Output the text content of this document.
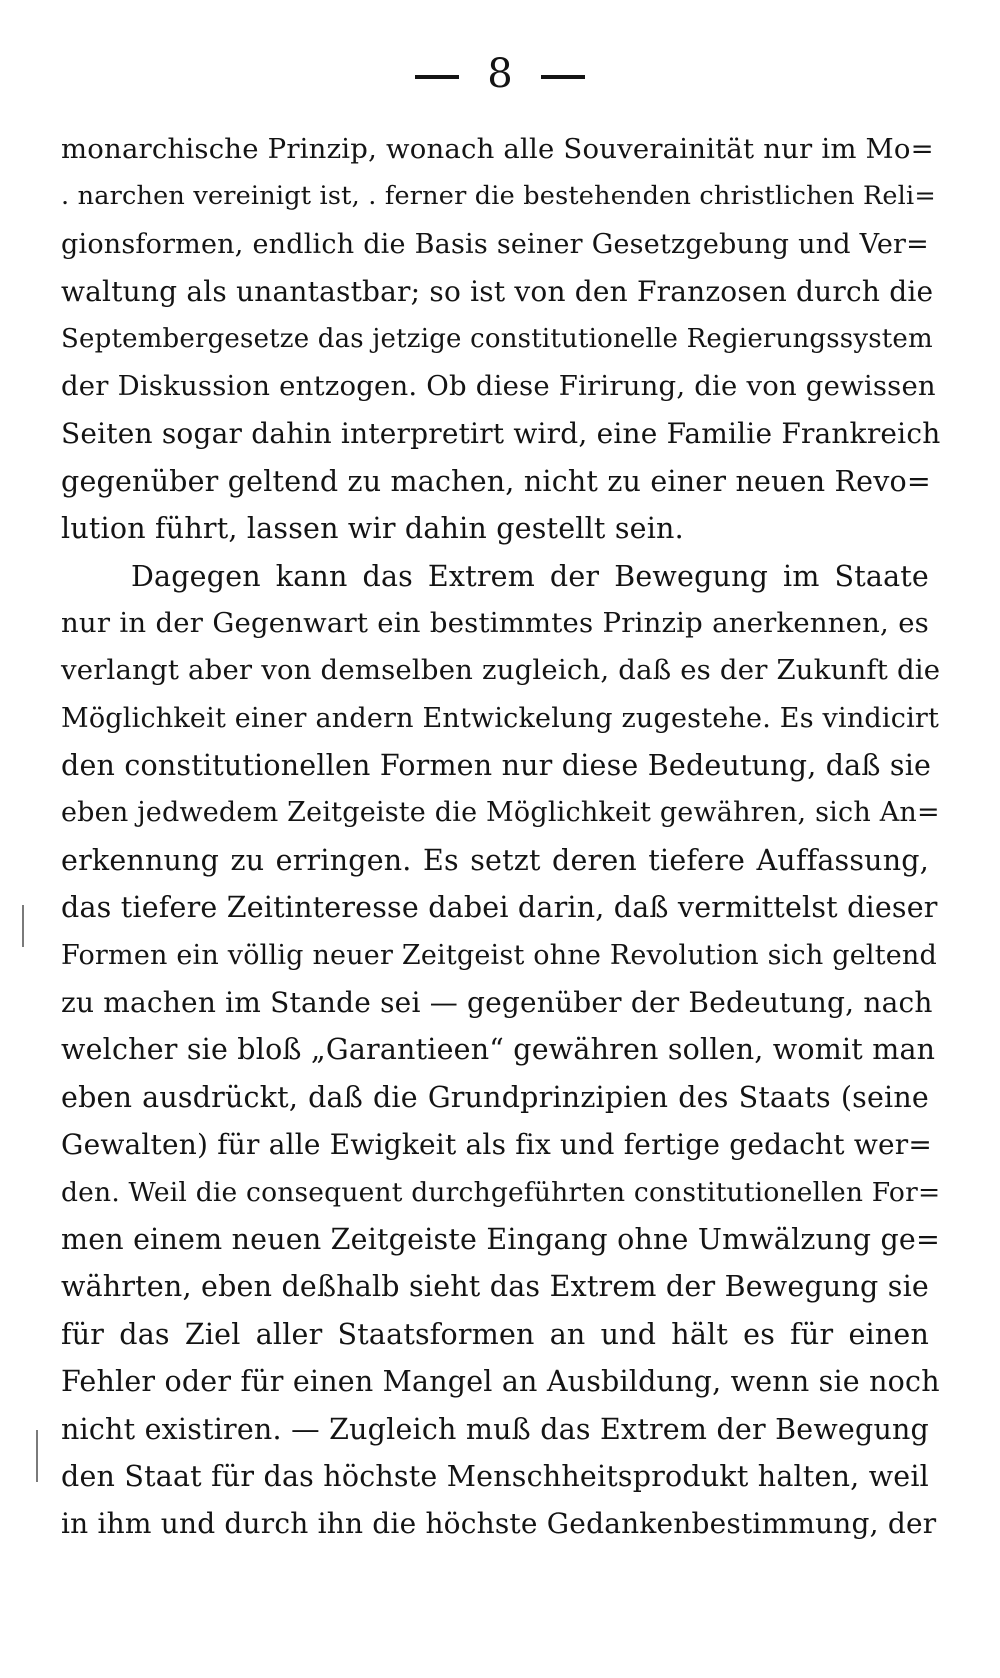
8
monarchische Prinzip, wonach alle Souverainität nur im Mo=
. narchen vereinigt ist, . ferner die bestehenden christlichen Reli=
gionsformen, endlich die Basis seiner Gesetzgebung und Ver=
waltung als unantastbar; so ist von den Franzosen durch die
Septembergesetze das jetzige constitutionelle Regierungssystem
der Diskussion entzogen. Ob diese Firirung, die von gewissen
Seiten sogar dahin interpretirt wird, eine Familie Frankreich
gegenüber geltend zu machen, nicht zu einer neuen Revo=
lution führt, lassen wir dahin gestellt sein.
Dagegen kann das Extrem der Bewegung im Staate
nur in der Gegenwart ein bestimmtes Prinzip anerkennen, es
verlangt aber von demselben zugleich, daß es der Zukunft die
Möglichkeit einer andern Entwickelung zugestehe. Es vindicirt
den constitutionellen Formen nur diese Bedeutung, daß sie
eben jedwedem Zeitgeiste die Möglichkeit gewähren, sich An=
erkennung zu erringen. Es setzt deren tiefere Auffassung,
das tiefere Zeitinteresse dabei darin, daß vermittelst dieser
Formen ein völlig neuer Zeitgeist ohne Revolution sich geltend
zu machen im Stande sei — gegenüber der Bedeutung, nach
welcher sie bloß „Garantieen“ gewähren sollen, womit man
eben ausdrückt, daß die Grundprinzipien des Staats (seine
Gewalten) für alle Ewigkeit als fix und fertige gedacht wer=
den. Weil die consequent durchgeführten constitutionellen For=
men einem neuen Zeitgeiste Eingang ohne Umwälzung ge=
währten, eben deßhalb sieht das Extrem der Bewegung sie
für das Ziel aller Staatsformen an und hält es für einen
Fehler oder für einen Mangel an Ausbildung, wenn sie noch
nicht existiren. — Zugleich muß das Extrem der Bewegung
den Staat für das höchste Menschheitsprodukt halten, weil
in ihm und durch ihn die höchste Gedankenbestimmung, der
